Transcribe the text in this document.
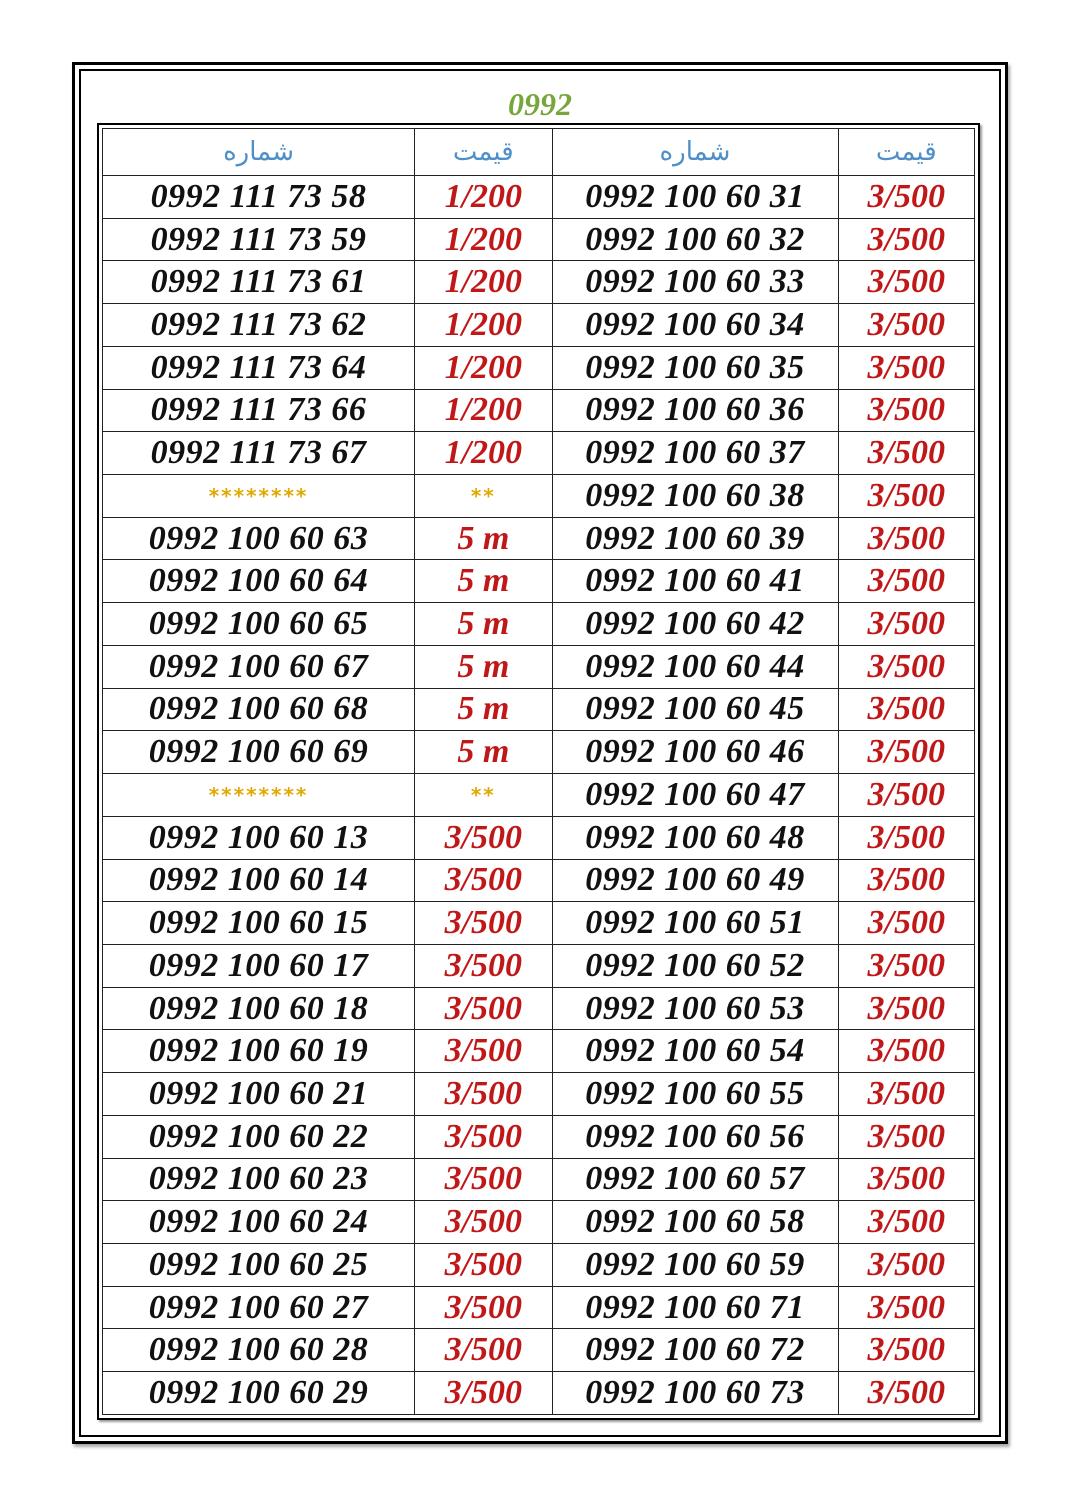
0992
شماره	قیمت	شماره	قیمت
0992 111 73 58	1/200	0992 100 60 31	3/500
0992 111 73 59	1/200	0992 100 60 32	3/500
0992 111 73 61	1/200	0992 100 60 33	3/500
0992 111 73 62	1/200	0992 100 60 34	3/500
0992 111 73 64	1/200	0992 100 60 35	3/500
0992 111 73 66	1/200	0992 100 60 36	3/500
0992 111 73 67	1/200	0992 100 60 37	3/500
********	**	0992 100 60 38	3/500
0992 100 60 63	5 m	0992 100 60 39	3/500
0992 100 60 64	5 m	0992 100 60 41	3/500
0992 100 60 65	5 m	0992 100 60 42	3/500
0992 100 60 67	5 m	0992 100 60 44	3/500
0992 100 60 68	5 m	0992 100 60 45	3/500
0992 100 60 69	5 m	0992 100 60 46	3/500
********	**	0992 100 60 47	3/500
0992 100 60 13	3/500	0992 100 60 48	3/500
0992 100 60 14	3/500	0992 100 60 49	3/500
0992 100 60 15	3/500	0992 100 60 51	3/500
0992 100 60 17	3/500	0992 100 60 52	3/500
0992 100 60 18	3/500	0992 100 60 53	3/500
0992 100 60 19	3/500	0992 100 60 54	3/500
0992 100 60 21	3/500	0992 100 60 55	3/500
0992 100 60 22	3/500	0992 100 60 56	3/500
0992 100 60 23	3/500	0992 100 60 57	3/500
0992 100 60 24	3/500	0992 100 60 58	3/500
0992 100 60 25	3/500	0992 100 60 59	3/500
0992 100 60 27	3/500	0992 100 60 71	3/500
0992 100 60 28	3/500	0992 100 60 72	3/500
0992 100 60 29	3/500	0992 100 60 73	3/500
